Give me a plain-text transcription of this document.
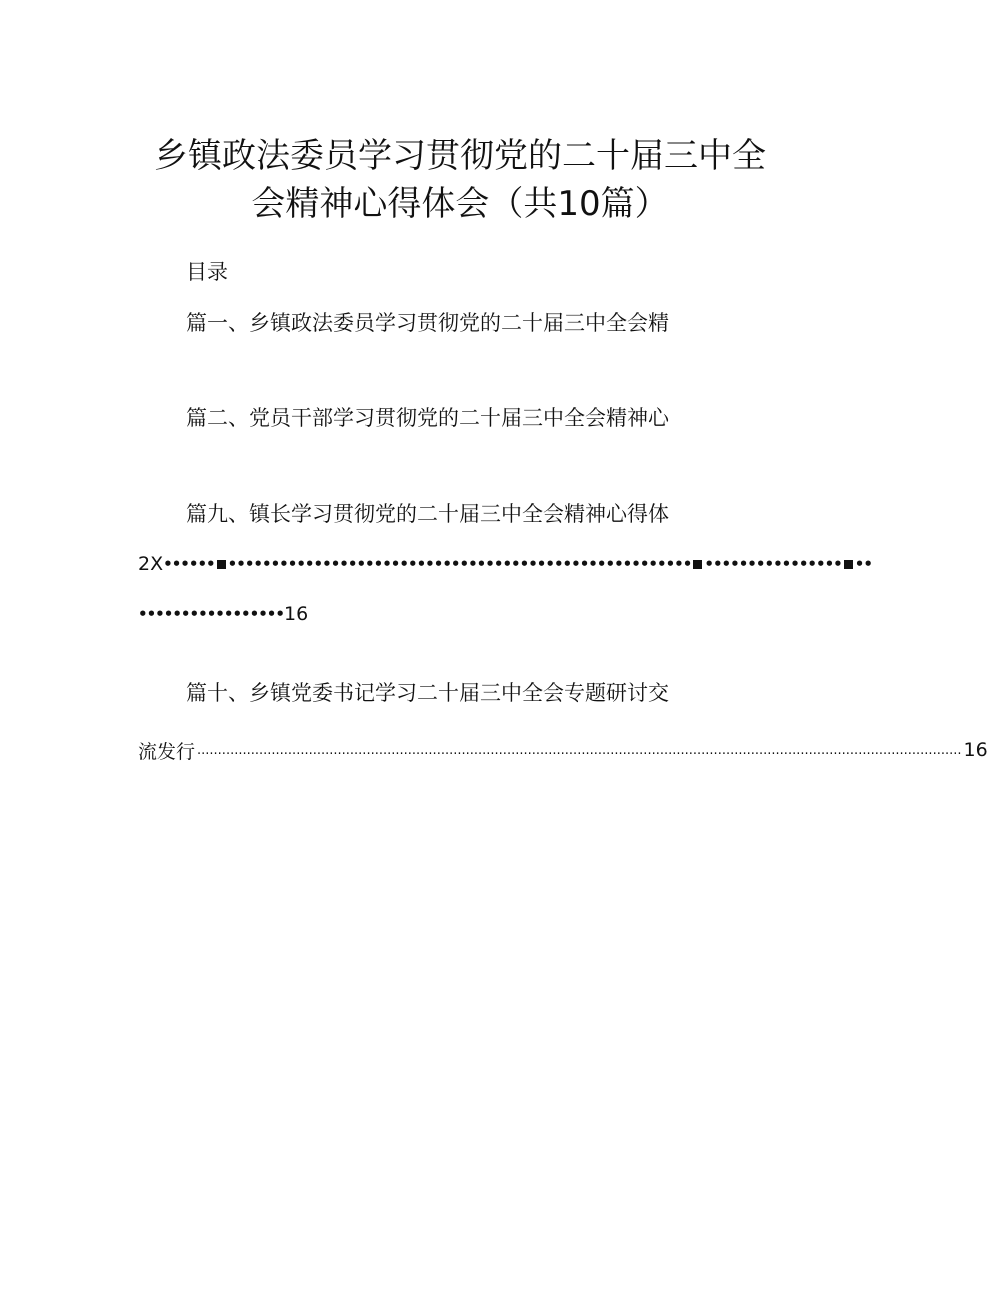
乡镇政法委员学习贯彻党的二十届三中全
会精神心得体会（共10篇）
目录
篇一、乡镇政法委员学习贯彻党的二十届三中全会精
篇二、党员干部学习贯彻党的二十届三中全会精神心
篇九、镇长学习贯彻党的二十届三中全会精神心得体
2X •••••• •••••••••••••••••••••••••••••••••••••••••••••••••••••• •••••••••••••••• ••
••••••••••••••••• 16
篇十、乡镇党委书记学习二十届三中全会专题研讨交
流发行 ......................................................................................................................................................................................... 16
